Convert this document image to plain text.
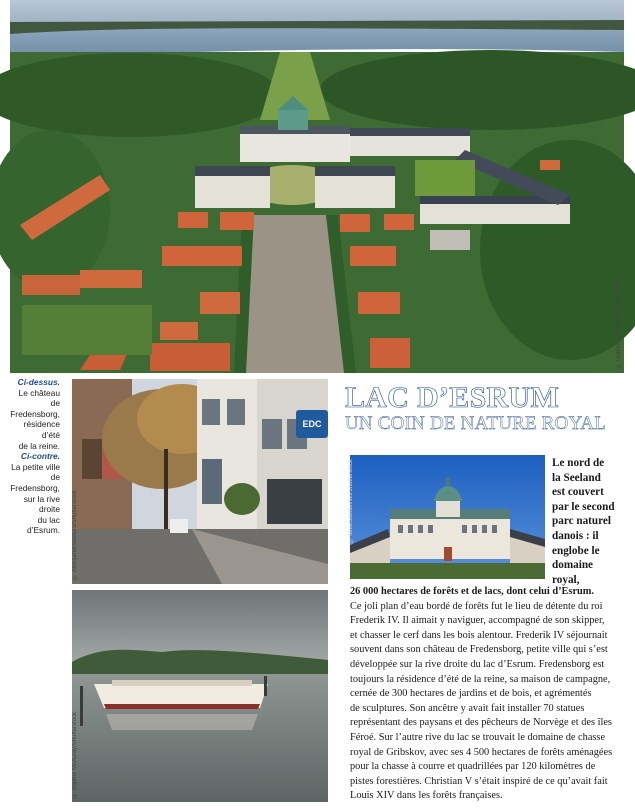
© Dennis Jacobsen/Shutterstock
Ci-dessus.
Le château
de Fredensborg,
résidence d’été
de la reine.
Ci-contre.
La petite ville
de Fredensborg,
sur la rive droite
du lac d’Esrum. © Aleksandrstock23/Shutterstock
EDC
© Sophie McAulay/Shutterstock
LAC D’ESRUM
UN COIN DE NATURE ROYAL
© MikeSobolevski/Shutterstock	Le nord de
la Seeland
est couvert
par le second
parc naturel
danois : il
englobe le
domaine
royal,
26 000 hectares de forêts et de lacs, dont celui d’Esrum.
Ce joli plan d’eau bordé de forêts fut le lieu de détente du roi
Frederik IV. Il aimait y naviguer, accompagné de son skipper,
et chasser le cerf dans les bois alentour. Frederik IV séjournait
souvent dans son château de Fredensborg, petite ville qui s’est
développée sur la rive droite du lac d’Esrum. Fredensborg est
toujours la résidence d’été de la reine, sa maison de campagne,
cernée de 300 hectares de jardins et de bois, et agrémentés
de sculptures. Son ancêtre y avait fait installer 70 statues
représentant des paysans et des pêcheurs de Norvège et des îles
Féroé. Sur l’autre rive du lac se trouvait le domaine de chasse
royal de Gribskov, avec ses 4 500 hectares de forêts aménagées
pour la chasse à courre et quadrillées par 120 kilomètres de
pistes forestières. Christian V s’était inspiré de ce qu’avait fait
Louis XIV dans les forêts françaises.
